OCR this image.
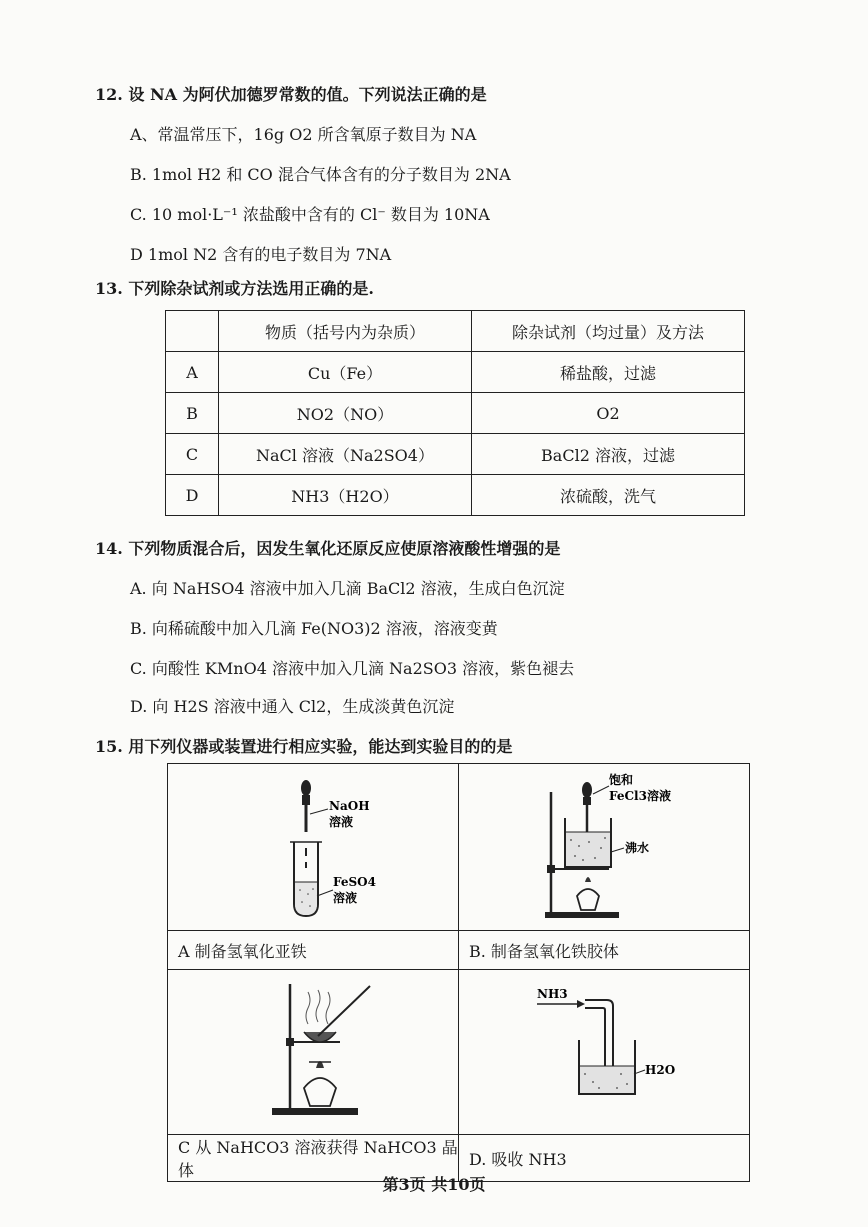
12. 设 NA 为阿伏加德罗常数的值。下列说法正确的是
A、常温常压下，16g O2 所含氧原子数目为 NA
B. 1mol H2 和 CO 混合气体含有的分子数目为 2NA
C. 10 mol·L⁻¹ 浓盐酸中含有的 Cl⁻ 数目为 10NA
D 1mol N2 含有的电子数目为 7NA
13. 下列除杂试剂或方法选用正确的是.
	物质（括号内为杂质）	除杂试剂（均过量）及方法
A	Cu（Fe）	稀盐酸，过滤
B	NO2（NO）	O2
C	NaCl 溶液（Na2SO4）	BaCl2 溶液，过滤
D	NH3（H2O）	浓硫酸，洗气
14. 下列物质混合后，因发生氧化还原反应使原溶液酸性增强的是
A. 向 NaHSO4 溶液中加入几滴 BaCl2 溶液，生成白色沉淀
B. 向稀硫酸中加入几滴 Fe(NO3)2 溶液，溶液变黄
C. 向酸性 KMnO4 溶液中加入几滴 Na2SO3 溶液，紫色褪去
D. 向 H2S 溶液中通入 Cl2，生成淡黄色沉淀
15. 用下列仪器或装置进行相应实验，能达到实验目的的是
NaOH
溶液
FeSO4
溶液	饱和
FeCl3溶液
沸水

A 制备氢氧化亚铁	B. 制备氢氧化铁胶体

NH3
H2O

C 从 NaHCO3 溶液获得 NaHCO3 晶体	D. 吸收 NH3
第3页 共10页
